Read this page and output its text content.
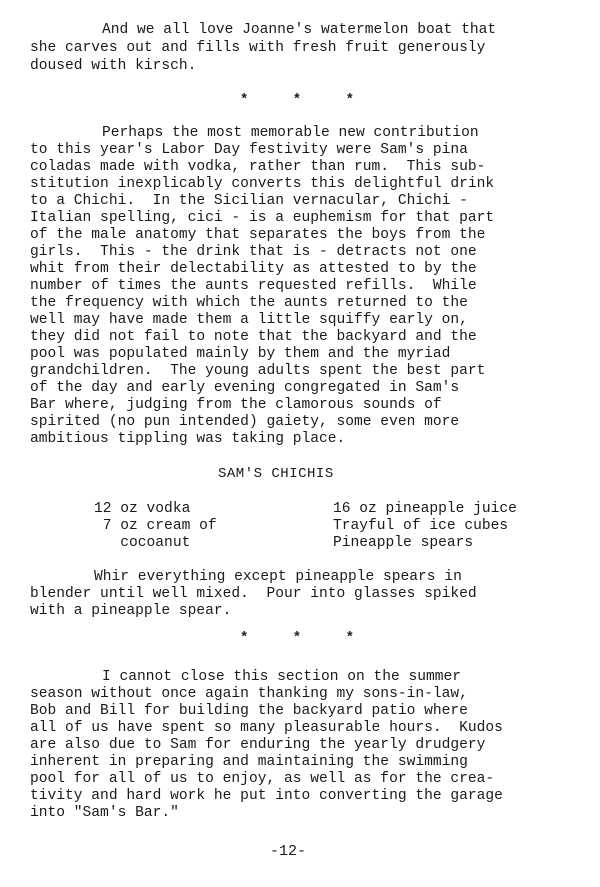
And we all love Joanne's watermelon boat that
she carves out and fills with fresh fruit generously
doused with kirsch.
* * *
Perhaps the most memorable new contribution
to this year's Labor Day festivity were Sam's pina
coladas made with vodka, rather than rum.  This sub-
stitution inexplicably converts this delightful drink
to a Chichi.  In the Sicilian vernacular, Chichi -
Italian spelling, cici - is a euphemism for that part
of the male anatomy that separates the boys from the
girls.  This - the drink that is - detracts not one
whit from their delectability as attested to by the
number of times the aunts requested refills.  While
the frequency with which the aunts returned to the
well may have made them a little squiffy early on,
they did not fail to note that the backyard and the
pool was populated mainly by them and the myriad
grandchildren.  The young adults spent the best part
of the day and early evening congregated in Sam's
Bar where, judging from the clamorous sounds of
spirited (no pun intended) gaiety, some even more
ambitious tippling was taking place.
SAM'S CHICHIS
12 oz vodka
7 oz cream of
cocoanut
16 oz pineapple juice
Trayful of ice cubes
Pineapple spears
Whir everything except pineapple spears in
blender until well mixed.  Pour into glasses spiked
with a pineapple spear.
* * *
I cannot close this section on the summer
season without once again thanking my sons-in-law,
Bob and Bill for building the backyard patio where
all of us have spent so many pleasurable hours.  Kudos
are also due to Sam for enduring the yearly drudgery
inherent in preparing and maintaining the swimming
pool for all of us to enjoy, as well as for the crea-
tivity and hard work he put into converting the garage
into "Sam's Bar."
-12-
